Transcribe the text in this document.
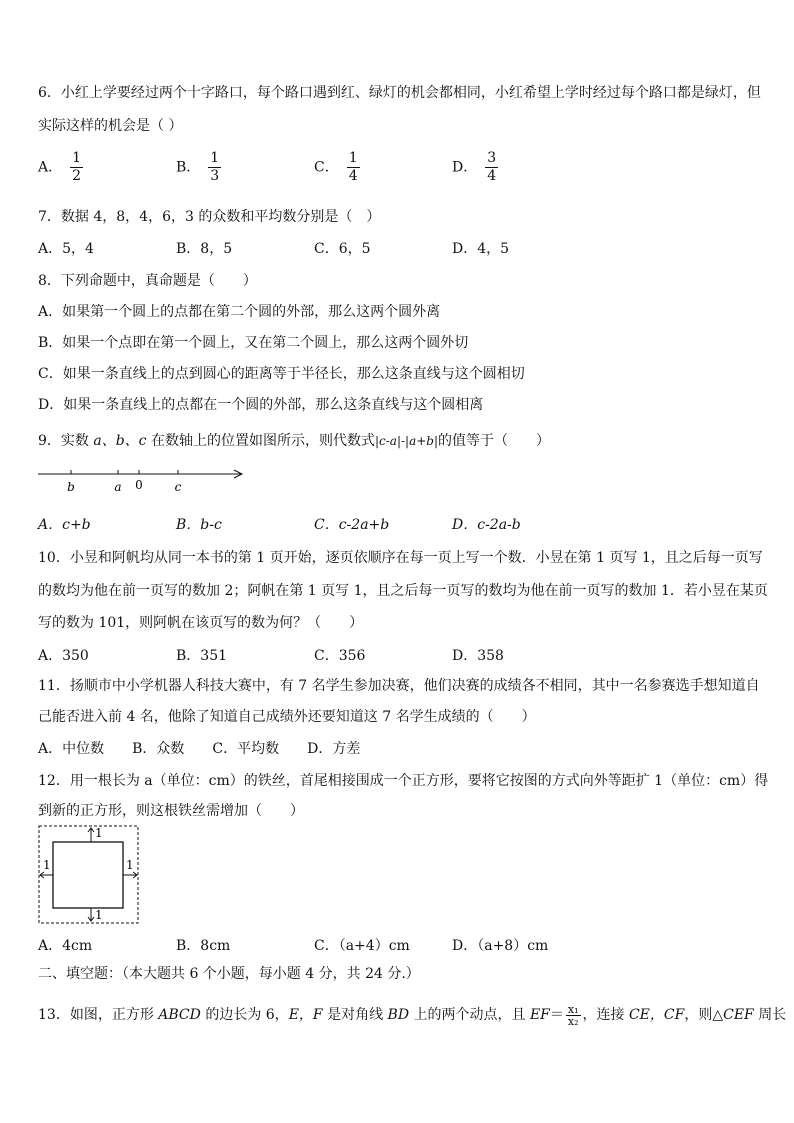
6．小红上学要经过两个十字路口，每个路口遇到红、绿灯的机会都相同，小红希望上学时经过每个路口都是绿灯，但
实际这样的机会是（ ）
A． $\frac{1}{2}$	B． $\frac{1}{3}$	C． $\frac{1}{4}$	D． $\frac{3}{4}$
7．数据 4，8，4，6，3 的众数和平均数分别是（　）
A．5，4	B．8，5	C．6，5	D．4，5
8．下列命题中，真命题是（　　）
A．如果第一个圆上的点都在第二个圆的外部，那么这两个圆外离
B．如果一个点即在第一个圆上，又在第二个圆上，那么这两个圆外切
C．如果一条直线上的点到圆心的距离等于半径长，那么这条直线与这个圆相切
D．如果一条直线上的点都在一个圆的外部，那么这条直线与这个圆相离
9．实数 a、b、c 在数轴上的位置如图所示，则代数式|c-a|-|a+b|的值等于（　　）
b	a 0	c
A．c+b	B．b-c	C．c-2a+b	D．c-2a-b
10．小昱和阿帆均从同一本书的第 1 页开始，逐页依顺序在每一页上写一个数．小昱在第 1 页写 1，且之后每一页写
的数均为他在前一页写的数加 2；阿帆在第 1 页写 1，且之后每一页写的数均为他在前一页写的数加 1．若小昱在某页
写的数为 101，则阿帆在该页写的数为何？（　　）
A．350	B．351	C．356	D．358
11．扬顺市中小学机器人科技大赛中，有 7 名学生参加决赛，他们决赛的成绩各不相同，其中一名参赛选手想知道自
己能否进入前 4 名，他除了知道自己成绩外还要知道这 7 名学生成绩的（　　）
A．中位数　　B．众数　　C．平均数　　D．方差
12．用一根长为 a（单位：cm）的铁丝，首尾相接围成一个正方形，要将它按图的方式向外等距扩 1（单位：cm）得
到新的正方形，则这根铁丝需增加（　　）
1
1
1	1
A．4cm	B．8cm	C．（a+4）cm	D．（a+8）cm
二、填空题：（本大题共 6 个小题，每小题 4 分，共 24 分.）
13．如图，正方形 ABCD 的边长为 6，E，F 是对角线 BD 上的两个动点，且 $EF= \frac{\text{x₁}}{\text{x₂}}$ ，连接 CE，CF，则△CEF 周长
